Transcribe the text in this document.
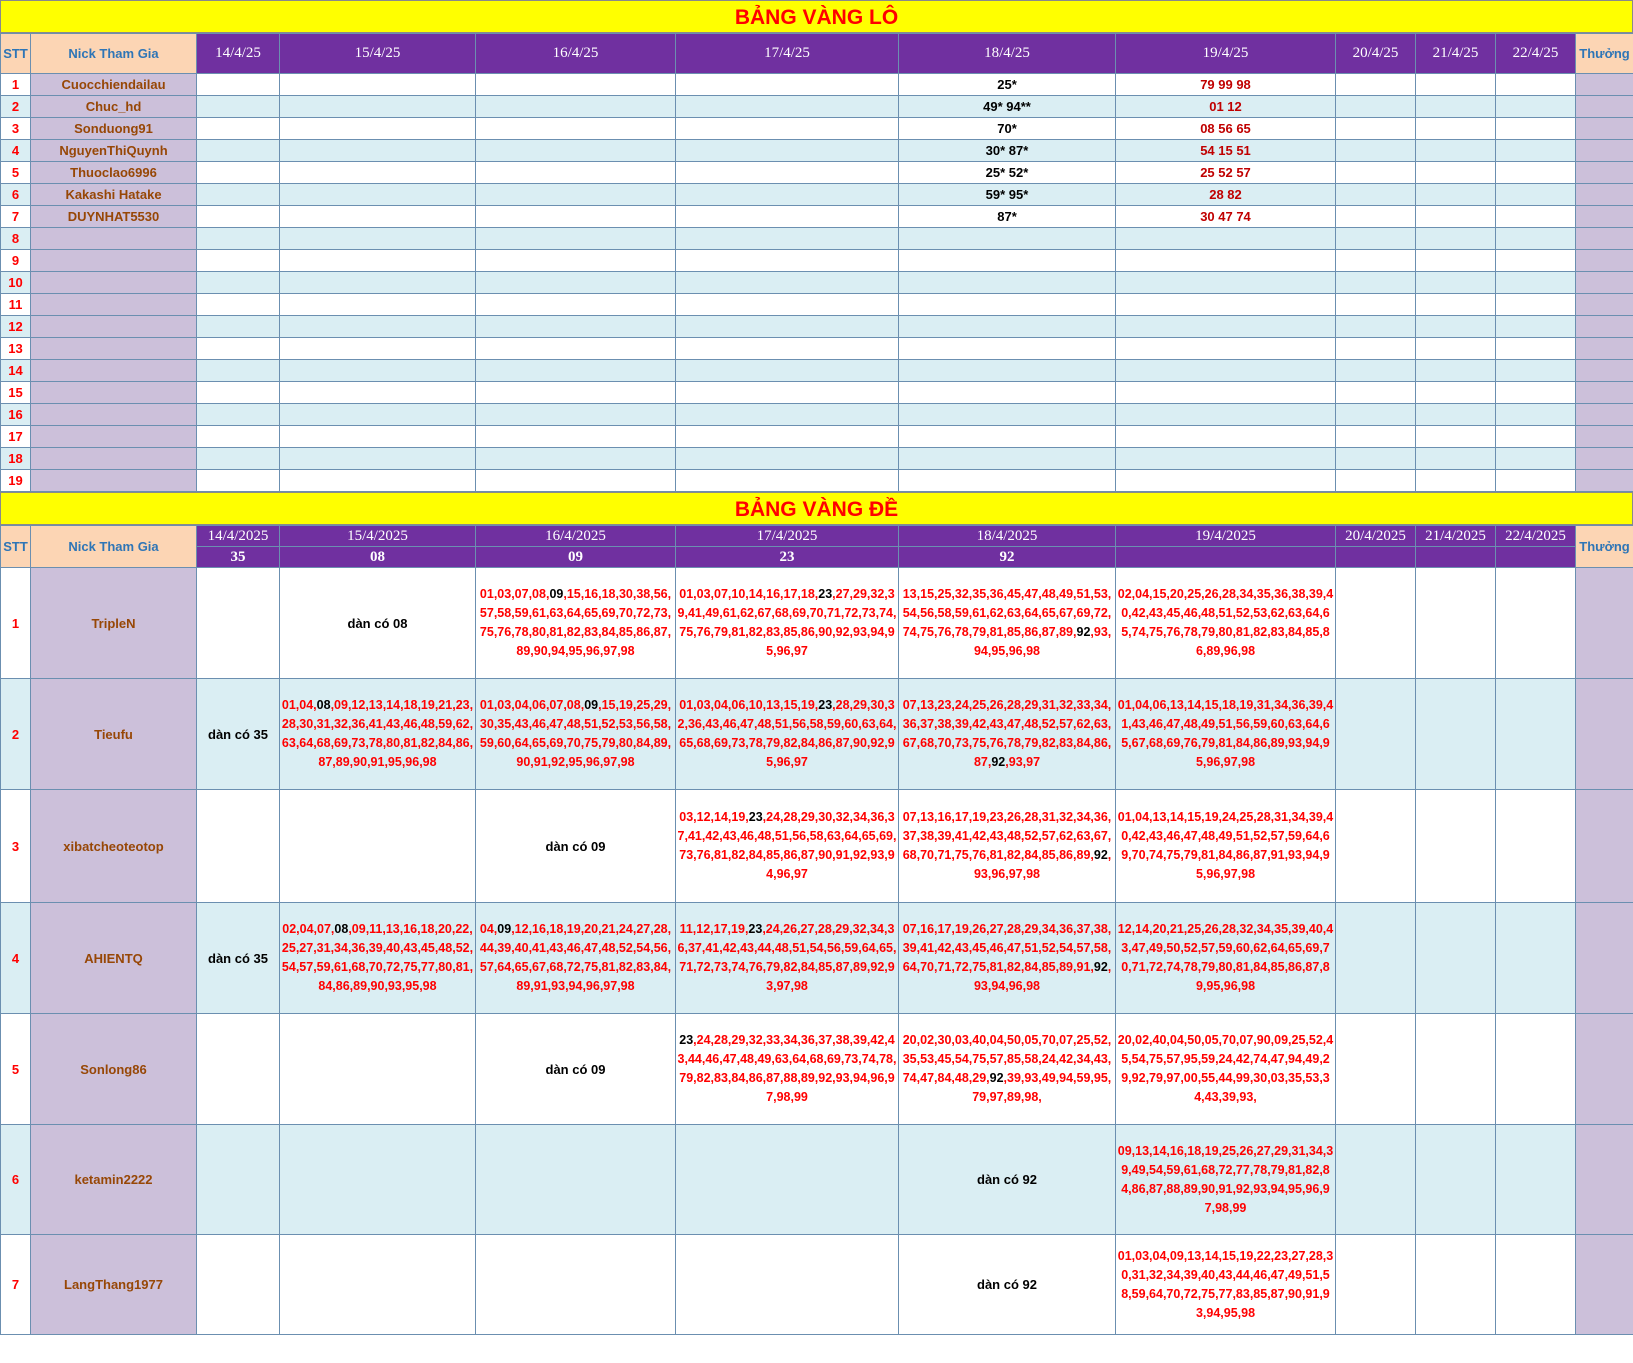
BẢNG VÀNG LÔ
STT	Nick Tham Gia	14/4/25	15/4/25	16/4/25	17/4/25	18/4/25	19/4/25	20/4/25	21/4/25	22/4/25	Thưởng
1	Cuocchiendailau					25*	79 99 98				
2	Chuc_hd					49* 94**	01 12				
3	Sonduong91					70*	08 56 65				
4	NguyenThiQuynh					30* 87*	54 15 51				
5	Thuoclao6996					25* 52*	25 52 57				
6	Kakashi Hatake					59* 95*	28 82				
7	DUYNHAT5530					87*	30 47 74				
8											
9											
10											
11											
12											
13											
14											
15											
16											
17											
18											
19											
BẢNG VÀNG ĐỀ
STT	Nick Tham Gia	14/4/2025	15/4/2025	16/4/2025	17/4/2025	18/4/2025	19/4/2025	20/4/2025	21/4/2025	22/4/2025	Thưởng
		35	08	09	23	92					
1	TripleN		dàn có 08	01,03,07,08,09,15,16,18,30,38,56,57,58,59,61,63,64,65,69,70,72,73,75,76,78,80,81,82,83,84,85,86,87,89,90,94,95,96,97,98	01,03,07,10,14,16,17,18,23,27,29,32,39,41,49,61,62,67,68,69,70,71,72,73,74,75,76,79,81,82,83,85,86,90,92,93,94,95,96,97	13,15,25,32,35,36,45,47,48,49,51,53,54,56,58,59,61,62,63,64,65,67,69,72,74,75,76,78,79,81,85,86,87,89,92,93,94,95,96,98	02,04,15,20,25,26,28,34,35,36,38,39,40,42,43,45,46,48,51,52,53,62,63,64,65,74,75,76,78,79,80,81,82,83,84,85,86,89,96,98				
2	Tieufu	dàn có 35	01,04,08,09,12,13,14,18,19,21,23,28,30,31,32,36,41,43,46,48,59,62,63,64,68,69,73,78,80,81,82,84,86,87,89,90,91,95,96,98	01,03,04,06,07,08,09,15,19,25,29,30,35,43,46,47,48,51,52,53,56,58,59,60,64,65,69,70,75,79,80,84,89,90,91,92,95,96,97,98	01,03,04,06,10,13,15,19,23,28,29,30,32,36,43,46,47,48,51,56,58,59,60,63,64,65,68,69,73,78,79,82,84,86,87,90,92,95,96,97	07,13,23,24,25,26,28,29,31,32,33,34,36,37,38,39,42,43,47,48,52,57,62,63,67,68,70,73,75,76,78,79,82,83,84,86,87,92,93,97	01,04,06,13,14,15,18,19,31,34,36,39,41,43,46,47,48,49,51,56,59,60,63,64,65,67,68,69,76,79,81,84,86,89,93,94,95,96,97,98				
3	xibatcheoteotop			dàn có 09	03,12,14,19,23,24,28,29,30,32,34,36,37,41,42,43,46,48,51,56,58,63,64,65,69,73,76,81,82,84,85,86,87,90,91,92,93,94,96,97	07,13,16,17,19,23,26,28,31,32,34,36,37,38,39,41,42,43,48,52,57,62,63,67,68,70,71,75,76,81,82,84,85,86,89,92,93,96,97,98	01,04,13,14,15,19,24,25,28,31,34,39,40,42,43,46,47,48,49,51,52,57,59,64,69,70,74,75,79,81,84,86,87,91,93,94,95,96,97,98				
4	AHIENTQ	dàn có 35	02,04,07,08,09,11,13,16,18,20,22,25,27,31,34,36,39,40,43,45,48,52,54,57,59,61,68,70,72,75,77,80,81,84,86,89,90,93,95,98	04,09,12,16,18,19,20,21,24,27,28,44,39,40,41,43,46,47,48,52,54,56,57,64,65,67,68,72,75,81,82,83,84,89,91,93,94,96,97,98	11,12,17,19,23,24,26,27,28,29,32,34,36,37,41,42,43,44,48,51,54,56,59,64,65,71,72,73,74,76,79,82,84,85,87,89,92,93,97,98	07,16,17,19,26,27,28,29,34,36,37,38,39,41,42,43,45,46,47,51,52,54,57,58,64,70,71,72,75,81,82,84,85,89,91,92,93,94,96,98	12,14,20,21,25,26,28,32,34,35,39,40,43,47,49,50,52,57,59,60,62,64,65,69,70,71,72,74,78,79,80,81,84,85,86,87,89,95,96,98				
5	Sonlong86			dàn có 09	23,24,28,29,32,33,34,36,37,38,39,42,43,44,46,47,48,49,63,64,68,69,73,74,78,79,82,83,84,86,87,88,89,92,93,94,96,97,98,99	20,02,30,03,40,04,50,05,70,07,25,52,35,53,45,54,75,57,85,58,24,42,34,43,74,47,84,48,29,92,39,93,49,94,59,95,79,97,89,98,	20,02,40,04,50,05,70,07,90,09,25,52,45,54,75,57,95,59,24,42,74,47,94,49,29,92,79,97,00,55,44,99,30,03,35,53,34,43,39,93,				
6	ketamin2222					dàn có 92	09,13,14,16,18,19,25,26,27,29,31,34,39,49,54,59,61,68,72,77,78,79,81,82,84,86,87,88,89,90,91,92,93,94,95,96,97,98,99				
7	LangThang1977					dàn có 92	01,03,04,09,13,14,15,19,22,23,27,28,30,31,32,34,39,40,43,44,46,47,49,51,58,59,64,70,72,75,77,83,85,87,90,91,93,94,95,98				
